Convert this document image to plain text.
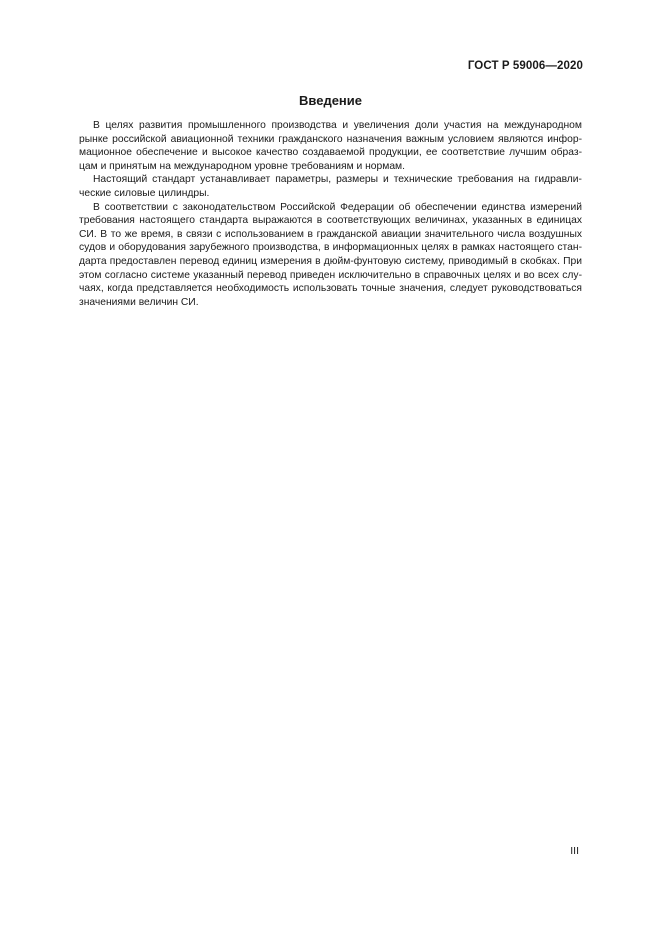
ГОСТ Р 59006—2020
Введение

В целях развития промышленного производства и увеличения доли участия на международном
рынке российской авиационной техники гражданского назначения важным условием являются инфор-
мационное обеспечение и высокое качество создаваемой продукции, ее соответствие лучшим образ-
цам и принятым на международном уровне требованиям и нормам.

Настоящий стандарт устанавливает параметры, размеры и технические требования на гидравли-
ческие силовые цилиндры.

В соответствии с законодательством Российской Федерации об обеспечении единства измерений
требования настоящего стандарта выражаются в соответствующих величинах, указанных в единицах
СИ. В то же время, в связи с использованием в гражданской авиации значительного числа воздушных
судов и оборудования зарубежного производства, в информационных целях в рамках настоящего стан-
дарта предоставлен перевод единиц измерения в дюйм-фунтовую систему, приводимый в скобках. При
этом согласно системе указанный перевод приведен исключительно в справочных целях и во всех слу-
чаях, когда представляется необходимость использовать точные значения, следует руководствоваться
значениями величин СИ.

III
